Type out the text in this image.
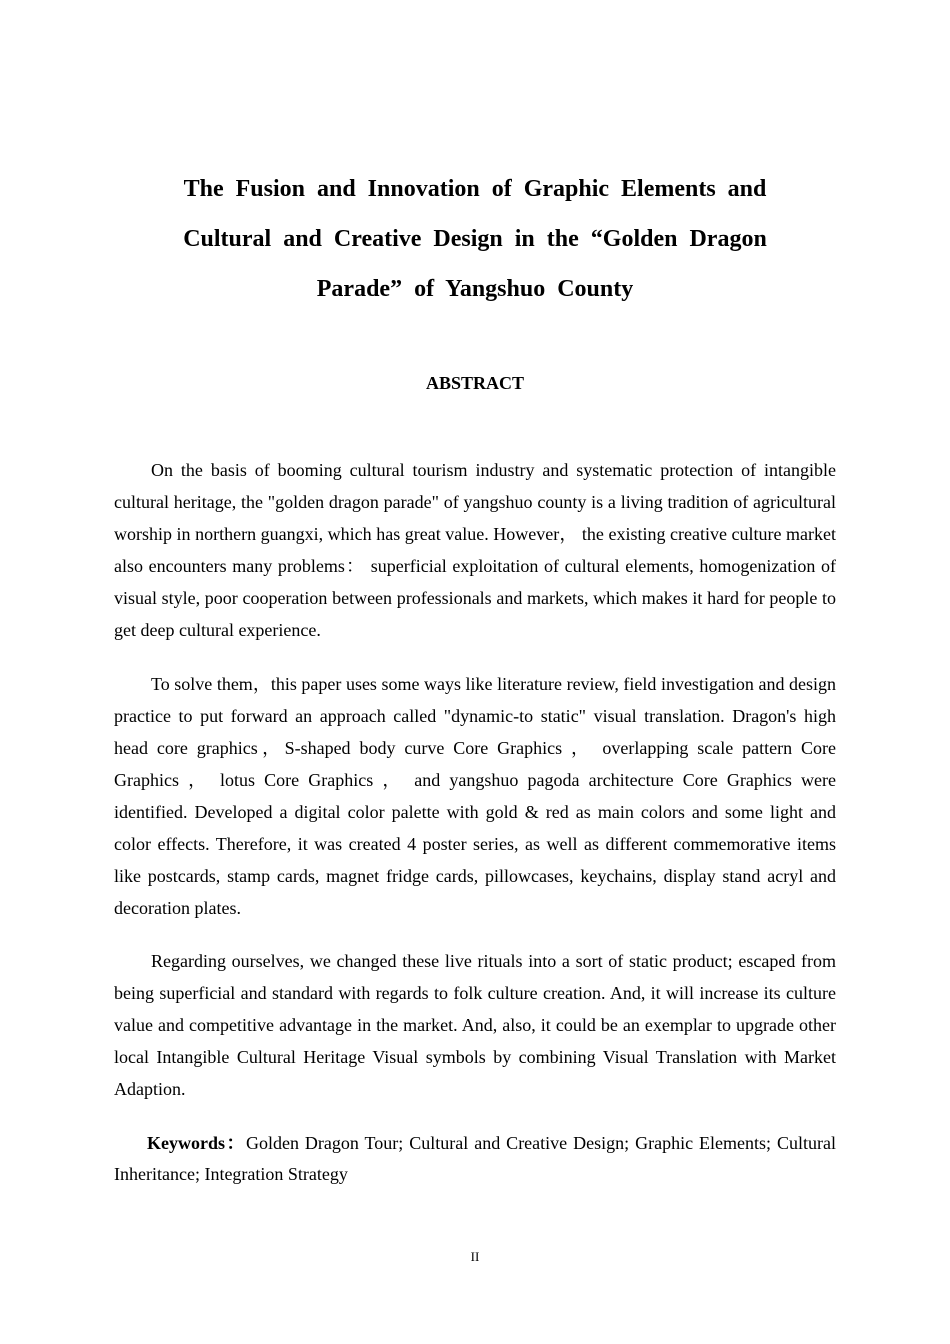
The Fusion and Innovation of Graphic Elements and Cultural and Creative Design in the “Golden Dragon Parade” of Yangshuo County
ABSTRACT

On the basis of booming cultural tourism industry and systematic protection of intangible cultural heritage, the "golden dragon parade" of yangshuo county is a living tradition of agricultural worship in northern guangxi, which has great value. However， the existing creative culture market also encounters many problems： superficial exploitation of cultural elements, homogenization of visual style, poor cooperation between professionals and markets, which makes it hard for people to get deep cultural experience.

To solve them，this paper uses some ways like literature review, field investigation and design practice to put forward an approach called "dynamic-to static" visual translation. Dragon's high head core graphics，S-shaped body curve Core Graphics ， overlapping scale pattern Core Graphics ， lotus Core Graphics ， and yangshuo pagoda architecture Core Graphics were identified. Developed a digital color palette with gold & red as main colors and some light and color effects. Therefore, it was created 4 poster series, as well as different commemorative items like postcards, stamp cards, magnet fridge cards, pillowcases, keychains, display stand acryl and decoration plates.

Regarding ourselves, we changed these live rituals into a sort of static product; escaped from being superficial and standard with regards to folk culture creation. And, it will increase its culture value and competitive advantage in the market. And, also, it could be an exemplar to upgrade other local Intangible Cultural Heritage Visual symbols by combining Visual Translation with Market Adaption.

Keywords：Golden Dragon Tour; Cultural and Creative Design; Graphic Elements; Cultural Inheritance; Integration Strategy

II
